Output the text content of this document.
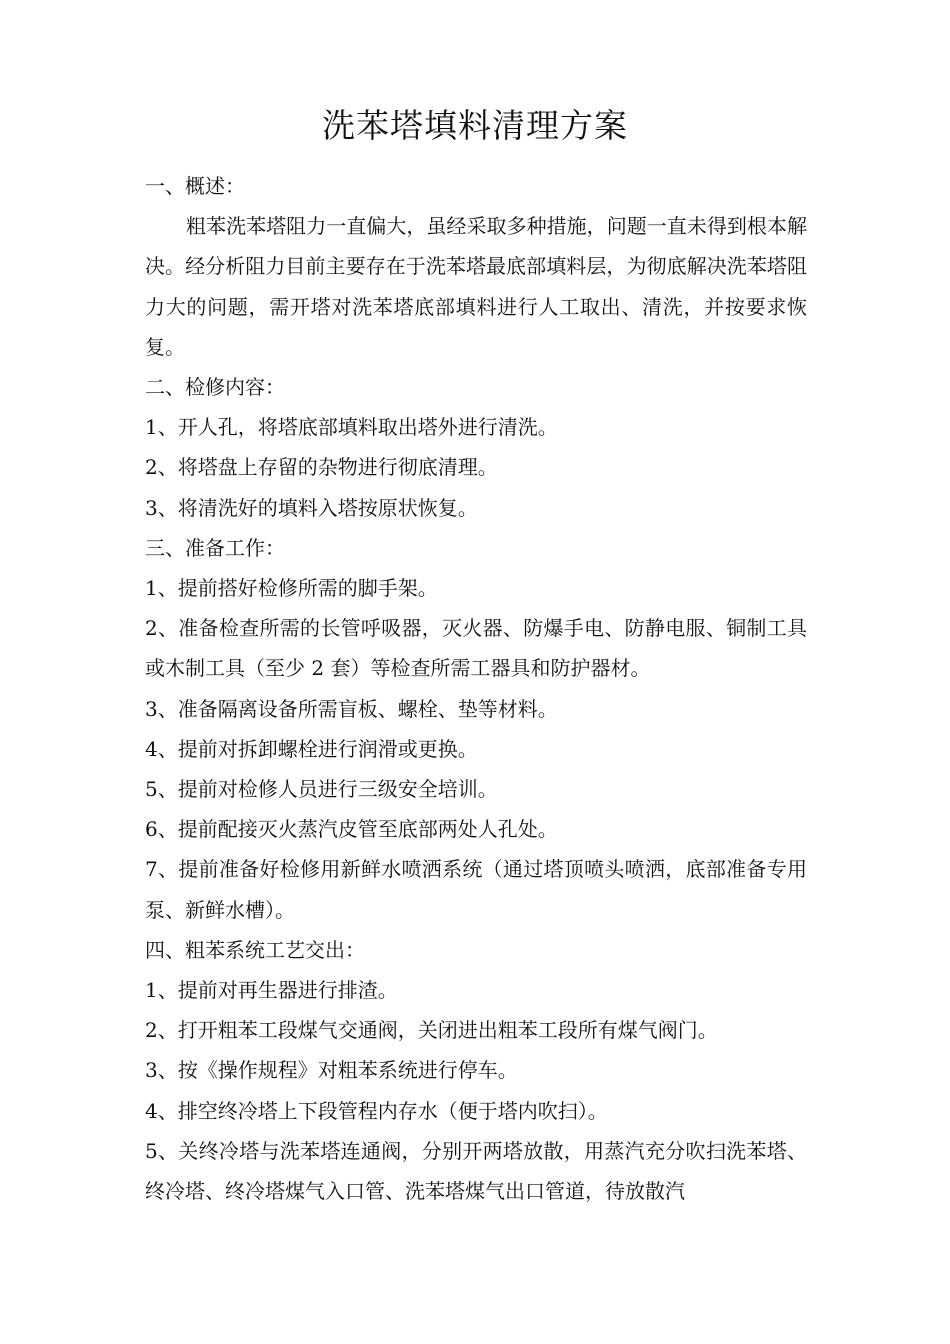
洗苯塔填料清理方案

一、概述：

粗苯洗苯塔阻力一直偏大，虽经采取多种措施，问题一直未得到根本解决。经分析阻力目前主要存在于洗苯塔最底部填料层，为彻底解决洗苯塔阻力大的问题，需开塔对洗苯塔底部填料进行人工取出、清洗，并按要求恢复。

二、检修内容：

1、开人孔，将塔底部填料取出塔外进行清洗。

2、将塔盘上存留的杂物进行彻底清理。

3、将清洗好的填料入塔按原状恢复。

三、准备工作：

1、提前搭好检修所需的脚手架。

2、准备检查所需的长管呼吸器，灭火器、防爆手电、防静电服、铜制工具或木制工具（至少 2 套）等检查所需工器具和防护器材。

3、准备隔离设备所需盲板、螺栓、垫等材料。

4、提前对拆卸螺栓进行润滑或更换。

5、提前对检修人员进行三级安全培训。

6、提前配接灭火蒸汽皮管至底部两处人孔处。

7、提前准备好检修用新鲜水喷洒系统（通过塔顶喷头喷洒，底部准备专用泵、新鲜水槽）。

四、粗苯系统工艺交出：

1、提前对再生器进行排渣。

2、打开粗苯工段煤气交通阀，关闭进出粗苯工段所有煤气阀门。

3、按《操作规程》对粗苯系统进行停车。

4、排空终冷塔上下段管程内存水（便于塔内吹扫）。

5、关终冷塔与洗苯塔连通阀，分别开两塔放散，用蒸汽充分吹扫洗苯塔、终冷塔、终冷塔煤气入口管、洗苯塔煤气出口管道，待放散汽
